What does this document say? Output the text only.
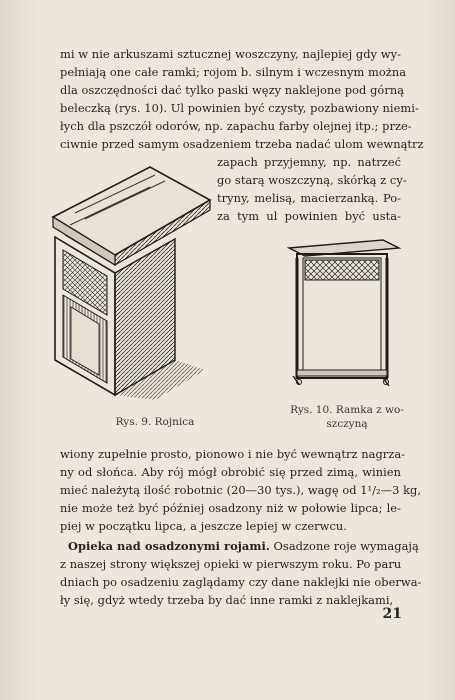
mi w nie arkuszami sztucznej woszczyny, najlepiej gdy wy-
pełniają one całe ramki; rojom b. silnym i wczesnym można
dla oszczędności dać tylko paski węzy naklejone pod górną
beleczką (rys. 10). Ul powinien być czysty, pozbawiony niemi-
łych dla pszczół odorów, np. zapachu farby olejnej itp.; prze-
ciwnie przed samym osadzeniem trzeba nadać ulom wewnątrz
zapach przyjemny, np. natrzeć
go starą woszczyną, skórką z cy-
tryny, melisą, macierzanką. Po-
za tym ul powinien być usta-
Rys. 9. Rojnica
Rys. 10. Ramka z wo-
szczyną
wiony zupełnie prosto, pionowo i nie być wewnątrz nagrza-
ny od słońca. Aby rój mógł obrobić się przed zimą, winien
mieć należytą ilość robotnic (20—30 tys.), wagę od 1¹/₂—3 kg,
nie może też być później osadzony niż w połowie lipca; le-
piej w początku lipca, a jeszcze lepiej w czerwcu.
Opieka nad osadzonymi rojami. Osadzone roje wymagają
z naszej strony większej opieki w pierwszym roku. Po paru
dniach po osadzeniu zaglądamy czy dane naklejki nie oberwa-
ły się, gdyż wtedy trzeba by dać inne ramki z naklejkami,
21
